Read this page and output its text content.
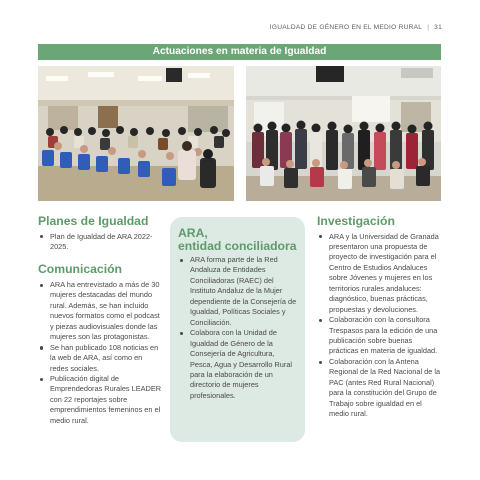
IGUALDAD DE GÉNERO EN EL MEDIO RURAL | 31
Actuaciones en materia de Igualdad
Planes de Igualdad
Plan de Igualdad de ARA 2022-2025.
Comunicación
ARA ha entrevistado a más de 30 mujeres destacadas del mundo rural. Además, se han incluido nuevos formatos como el podcast y piezas audiovisuales donde las mujeres son las protagonistas.
Se han publicado 108 noticias en la web de ARA, así como en redes sociales.
Publicación digital de Emprendedoras Rurales LEADER con 22 reportajes sobre emprendimientos femeninos en el medio rural.
ARA,
entidad conciliadora
ARA forma parte de la Red Andaluza de Entidades Conciliadoras (RAEC) del Instituto Andaluz de la Mujer dependiente de la Consejería de Igualdad, Políticas Sociales y Conciliación.
Colabora con la Unidad de Igualdad de Género de la Consejería de Agricultura, Pesca, Agua y Desarrollo Rural para la elaboración de un directorio de mujeres profesionales.
Investigación
ARA y la Universidad de Granada presentaron una propuesta de proyecto de investigación para el Centro de Estudios Andaluces sobre Jóvenes y mujeres en los territorios rurales andaluces: diagnóstico, buenas prácticas, propuestas y devoluciones.
Colaboración con la consultora Trespasos para la edición de una publicación sobre buenas prácticas en materia de igualdad.
Colaboración con la Antena Regional de la Red Nacional de la PAC (antes Red Rural Nacional) para la constitución del Grupo de Trabajo sobre igualdad en el medio rural.
